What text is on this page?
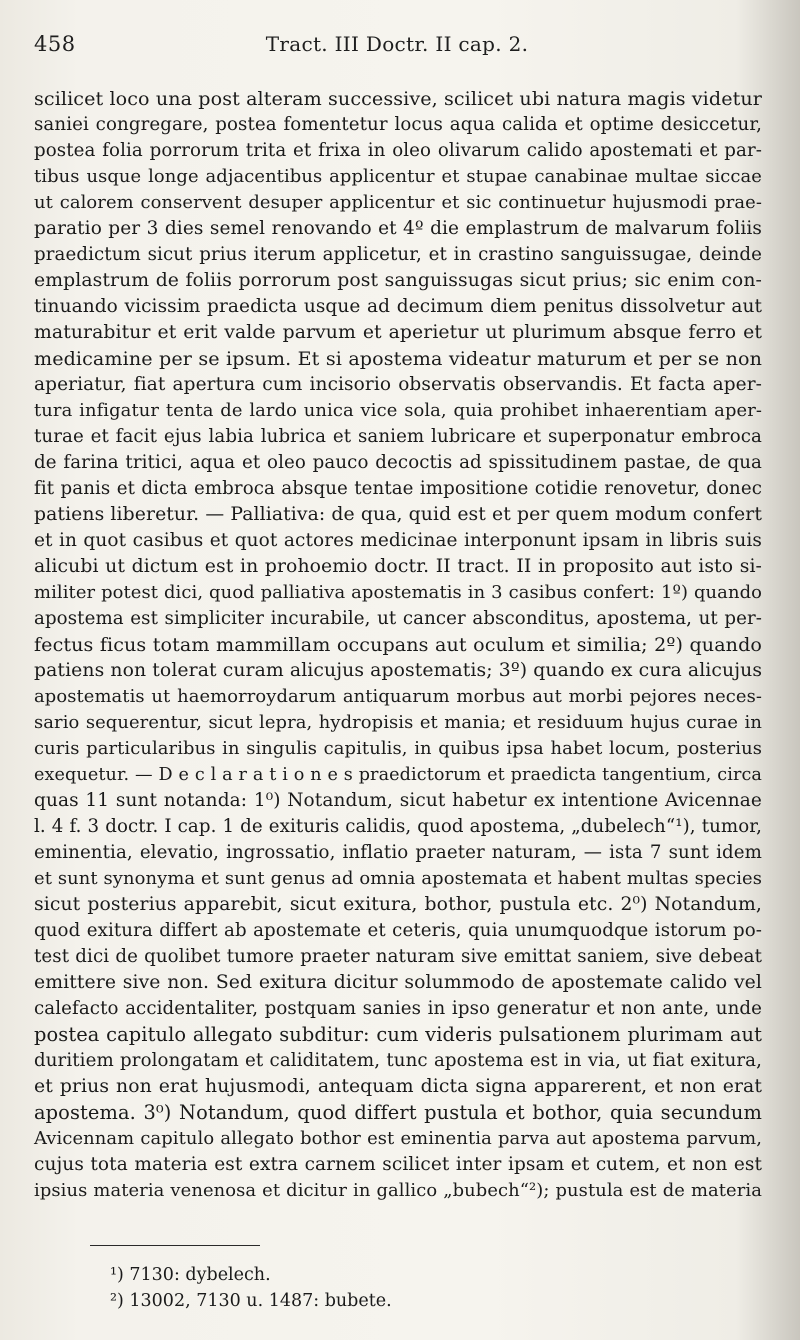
458	Tract. III Doctr. II cap. 2.
scilicet loco una post alteram successive, scilicet ubi natura magis videtur
saniei congregare, postea fomentetur locus aqua calida et optime desiccetur,
postea folia porrorum trita et frixa in oleo olivarum calido apostemati et par-
tibus usque longe adjacentibus applicentur et stupae canabinae multae siccae
ut calorem conservent desuper applicentur et sic continuetur hujusmodi prae-
paratio per 3 dies semel renovando et 4º die emplastrum de malvarum foliis
praedictum sicut prius iterum applicetur, et in crastino sanguissugae, deinde
emplastrum de foliis porrorum post sanguissugas sicut prius; sic enim con-
tinuando vicissim praedicta usque ad decimum diem penitus dissolvetur aut
maturabitur et erit valde parvum et aperietur ut plurimum absque ferro et
medicamine per se ipsum. Et si apostema videatur maturum et per se non
aperiatur, fiat apertura cum incisorio observatis observandis. Et facta aper-
tura infigatur tenta de lardo unica vice sola, quia prohibet inhaerentiam aper-
turae et facit ejus labia lubrica et saniem lubricare et superponatur embroca
de farina tritici, aqua et oleo pauco decoctis ad spissitudinem pastae, de qua
fit panis et dicta embroca absque tentae impositione cotidie renovetur, donec
patiens liberetur. — Palliativa: de qua, quid est et per quem modum confert
et in quot casibus et quot actores medicinae interponunt ipsam in libris suis
alicubi ut dictum est in prohoemio doctr. II tract. II in proposito aut isto si-
militer potest dici, quod palliativa apostematis in 3 casibus confert: 1º) quando
apostema est simpliciter incurabile, ut cancer absconditus, apostema, ut per-
fectus ficus totam mammillam occupans aut oculum et similia; 2º) quando
patiens non tolerat curam alicujus apostematis; 3º) quando ex cura alicujus
apostematis ut haemorroydarum antiquarum morbus aut morbi pejores neces-
sario sequerentur, sicut lepra, hydropisis et mania; et residuum hujus curae in
curis particularibus in singulis capitulis, in quibus ipsa habet locum, posterius
exequetur. — D e c l a r a t i o n e s praedictorum et praedicta tangentium, circa
quas 11 sunt notanda: 1⁰) Notandum, sicut habetur ex intentione Avicennae
l. 4 f. 3 doctr. I cap. 1 de exituris calidis, quod apostema, „dubelech“¹), tumor,
eminentia, elevatio, ingrossatio, inflatio praeter naturam, — ista 7 sunt idem
et sunt synonyma et sunt genus ad omnia apostemata et habent multas species
sicut posterius apparebit, sicut exitura, bothor, pustula etc. 2⁰) Notandum,
quod exitura differt ab apostemate et ceteris, quia unumquodque istorum po-
test dici de quolibet tumore praeter naturam sive emittat saniem, sive debeat
emittere sive non. Sed exitura dicitur solummodo de apostemate calido vel
calefacto accidentaliter, postquam sanies in ipso generatur et non ante, unde
postea capitulo allegato subditur: cum videris pulsationem plurimam aut
duritiem prolongatam et caliditatem, tunc apostema est in via, ut fiat exitura,
et prius non erat hujusmodi, antequam dicta signa apparerent, et non erat
apostema. 3⁰) Notandum, quod differt pustula et bothor, quia secundum
Avicennam capitulo allegato bothor est eminentia parva aut apostema parvum,
cujus tota materia est extra carnem scilicet inter ipsam et cutem, et non est
ipsius materia venenosa et dicitur in gallico „bubech“²); pustula est de materia
¹) 7130: dybelech.
²) 13002, 7130 u. 1487: bubete.
